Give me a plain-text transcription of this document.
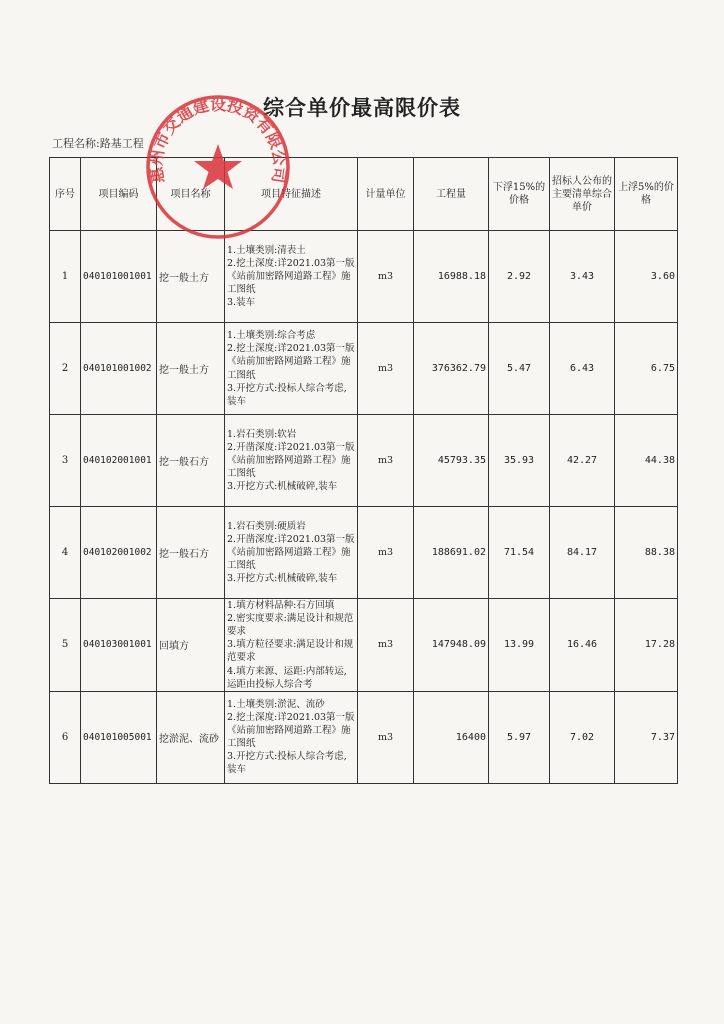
综合单价最高限价表
工程名称:路基工程
序号	项目编码	项目名称	项目特征描述	计量单位	工程量	下浮15%的价格	招标人公布的主要清单综合单价	上浮5%的价格
1	040101001001	挖一般土方	1.土壤类别:清表土
2.挖土深度:详2021.03第一版《站前加密路网道路工程》施工图纸
3.装车	m3	16988.18	2.92	3.43	3.60
2	040101001002	挖一般土方	1.土壤类别:综合考虑
2.挖土深度:详2021.03第一版《站前加密路网道路工程》施工图纸
3.开挖方式:投标人综合考虑,装车	m3	376362.79	5.47	6.43	6.75
3	040102001001	挖一般石方	1.岩石类别:软岩
2.开凿深度:详2021.03第一版《站前加密路网道路工程》施工图纸
3.开挖方式:机械破碎,装车	m3	45793.35	35.93	42.27	44.38
4	040102001002	挖一般石方	1.岩石类别:硬质岩
2.开凿深度:详2021.03第一版《站前加密路网道路工程》施工图纸
3.开挖方式:机械破碎,装车	m3	188691.02	71.54	84.17	88.38
5	040103001001	回填方	1.填方材料品种:石方回填
2.密实度要求:满足设计和规范要求
3.填方粒径要求:满足设计和规范要求
4.填方来源、运距:内部转运,运距由投标人综合考	m3	147948.09	13.99	16.46	17.28
6	040101005001	挖淤泥、流砂	1.土壤类别:淤泥、流砂
2.挖土深度:详2021.03第一版《站前加密路网道路工程》施工图纸
3.开挖方式:投标人综合考虑,装车	m3	16400	5.97	7.02	7.37
惠州市交通建设投资有限公司
